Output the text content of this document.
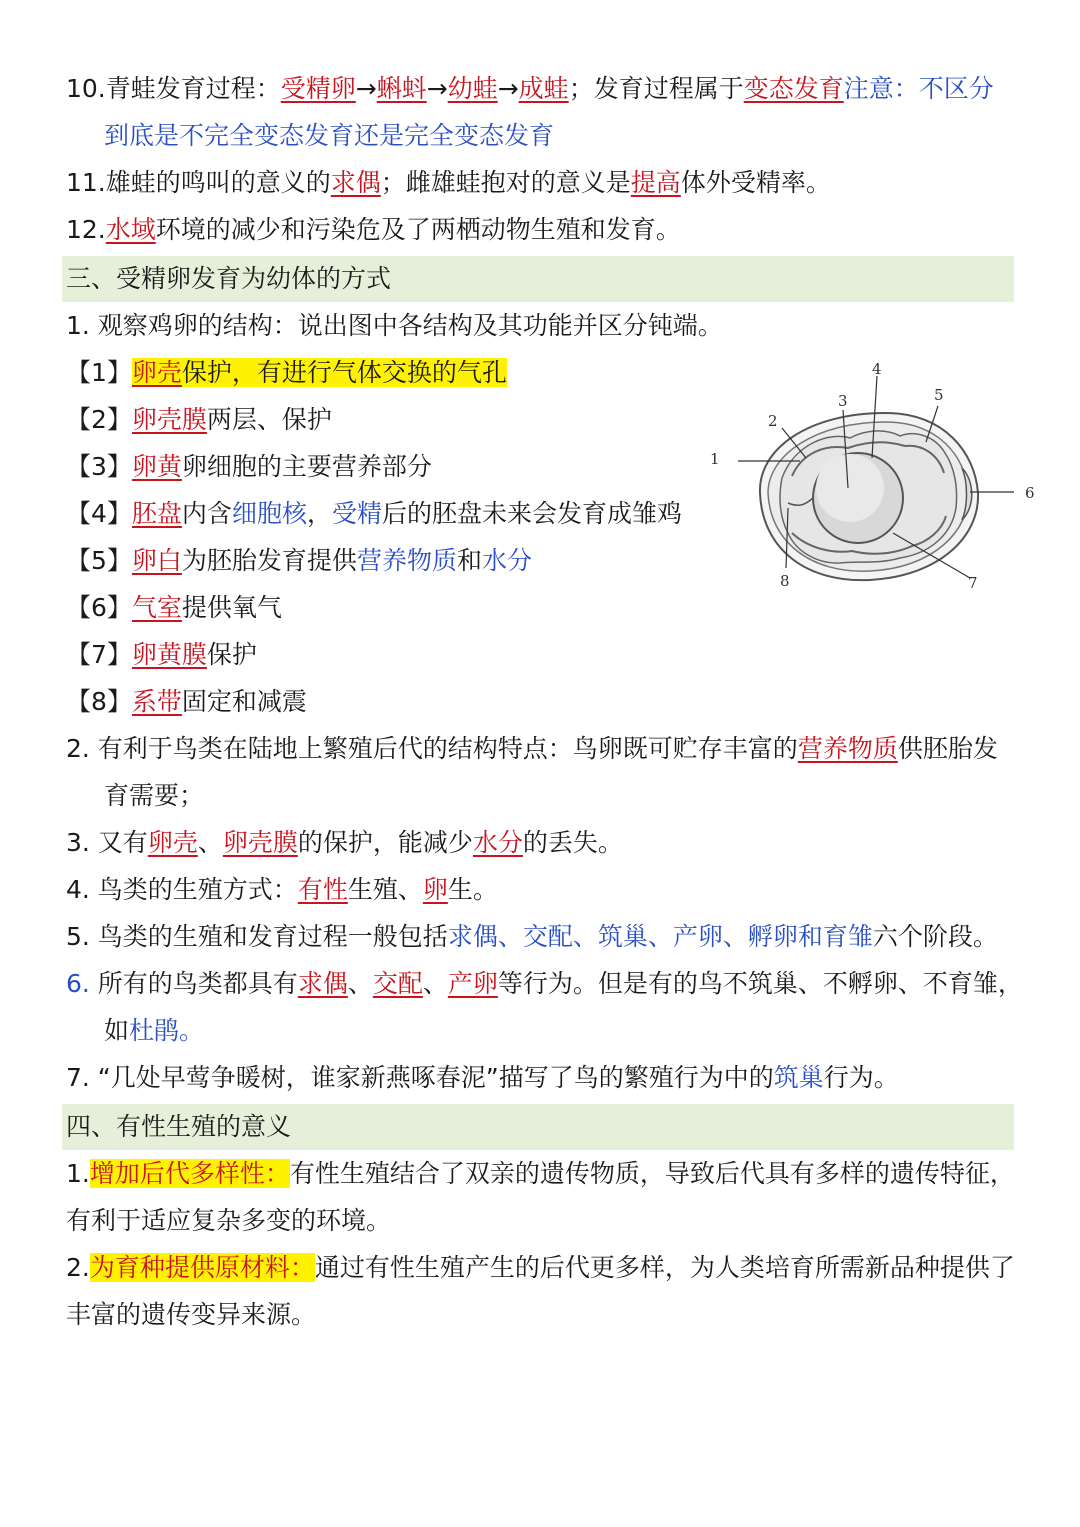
10.青蛙发育过程：受精卵→蝌蚪→幼蛙→成蛙；发育过程属于变态发育注意：不区分
到底是不完全变态发育还是完全变态发育
11.雄蛙的鸣叫的意义的求偶；雌雄蛙抱对的意义是提高体外受精率。
12.水域环境的减少和污染危及了两栖动物生殖和发育。
三、受精卵发育为幼体的方式
1. 观察鸡卵的结构：说出图中各结构及其功能并区分钝端。
【1】卵壳保护，有进行气体交换的气孔
【2】卵壳膜两层、保护
【3】卵黄卵细胞的主要营养部分
【4】胚盘内含细胞核，受精后的胚盘未来会发育成雏鸡
【5】卵白为胚胎发育提供营养物质和水分
【6】气室提供氧气
【7】卵黄膜保护
【8】系带固定和减震
1
2
3
4
5
6
7
8
2. 有利于鸟类在陆地上繁殖后代的结构特点：鸟卵既可贮存丰富的营养物质供胚胎发
育需要；
3. 又有卵壳、卵壳膜的保护，能减少水分的丢失。
4. 鸟类的生殖方式：有性生殖、卵生。
5. 鸟类的生殖和发育过程一般包括求偶、交配、筑巢、产卵、孵卵和育雏六个阶段。
6. 所有的鸟类都具有求偶、交配、产卵等行为。但是有的鸟不筑巢、不孵卵、不育雏，
如杜鹃。
7. “几处早莺争暖树，谁家新燕啄春泥”描写了鸟的繁殖行为中的筑巢行为。
四、有性生殖的意义
1.增加后代多样性：有性生殖结合了双亲的遗传物质，导致后代具有多样的遗传特征，
有利于适应复杂多变的环境。
2.为育种提供原材料：通过有性生殖产生的后代更多样，为人类培育所需新品种提供了
丰富的遗传变异来源。
